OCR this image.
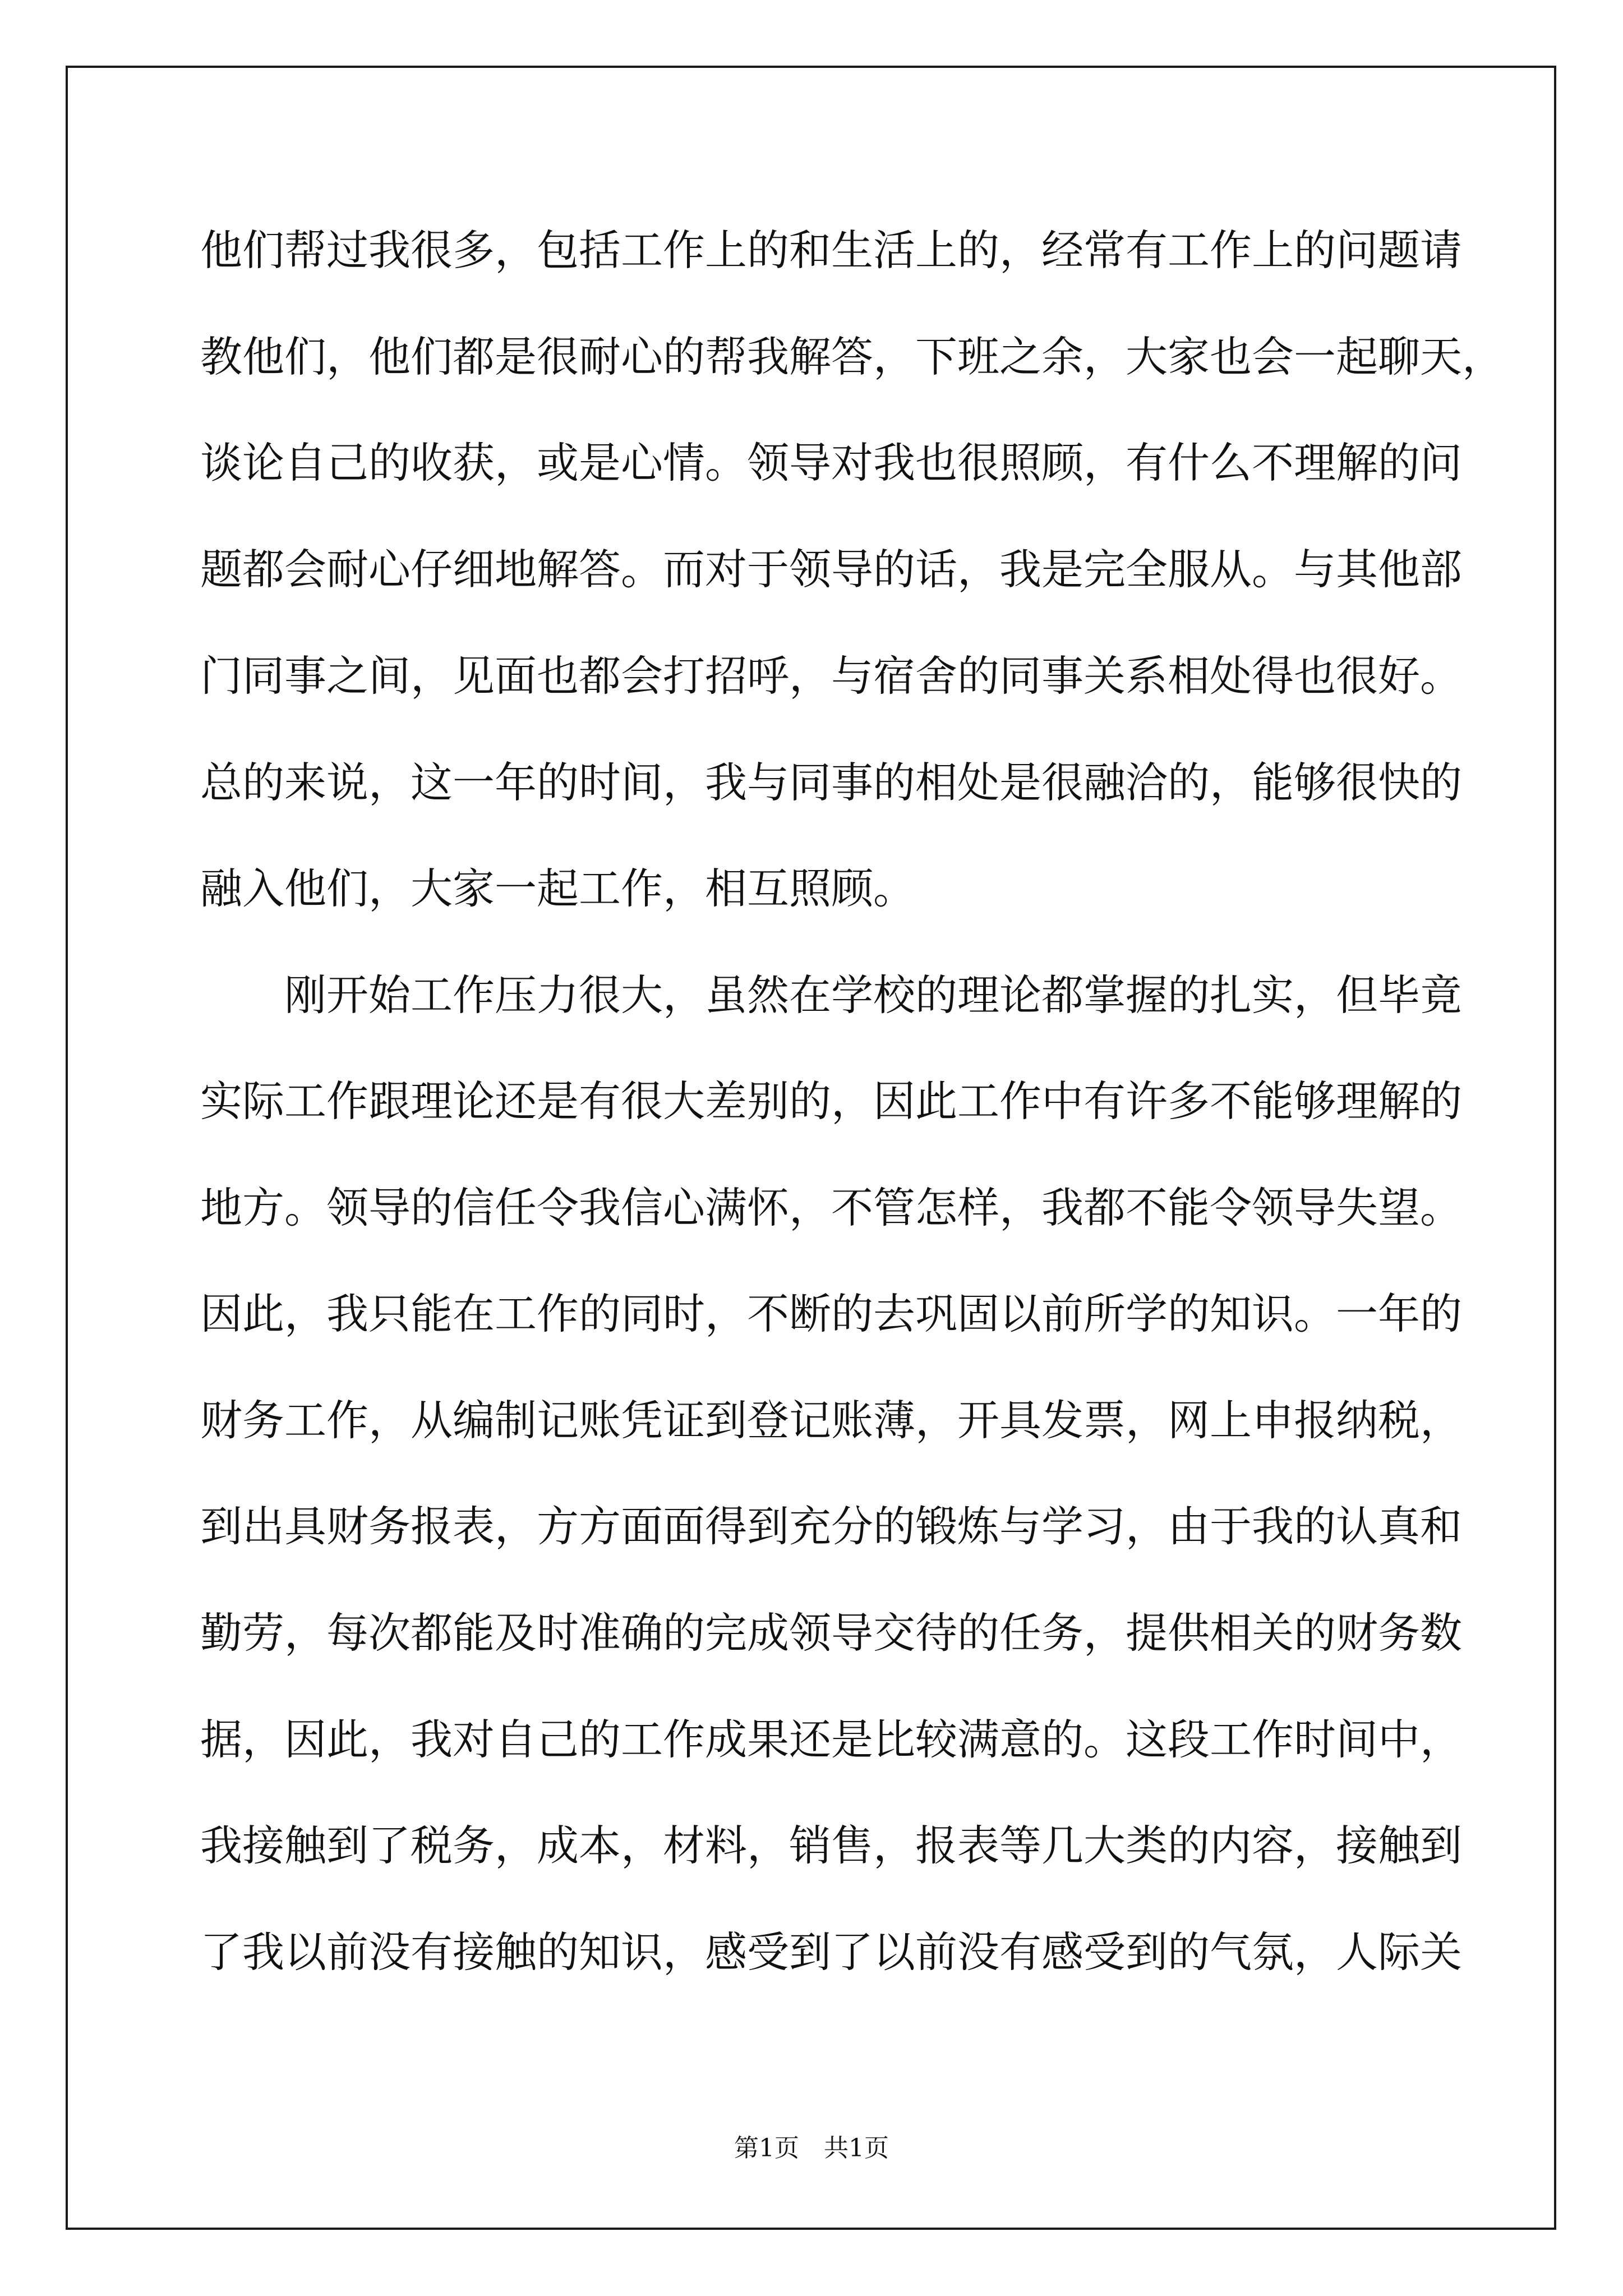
他们帮过我很多，包括工作上的和生活上的，经常有工作上的问题请

教他们，他们都是很耐心的帮我解答，下班之余，大家也会一起聊天，

谈论自己的收获，或是心情。领导对我也很照顾，有什么不理解的问

题都会耐心仔细地解答。而对于领导的话，我是完全服从。与其他部

门同事之间，见面也都会打招呼，与宿舍的同事关系相处得也很好。

总的来说，这一年的时间，我与同事的相处是很融洽的，能够很快的

融入他们，大家一起工作，相互照顾。

　　刚开始工作压力很大，虽然在学校的理论都掌握的扎实，但毕竟

实际工作跟理论还是有很大差别的，因此工作中有许多不能够理解的

地方。领导的信任令我信心满怀，不管怎样，我都不能令领导失望。

因此，我只能在工作的同时，不断的去巩固以前所学的知识。一年的

财务工作，从编制记账凭证到登记账薄，开具发票，网上申报纳税，

到出具财务报表，方方面面得到充分的锻炼与学习，由于我的认真和

勤劳，每次都能及时准确的完成领导交待的任务，提供相关的财务数

据，因此，我对自己的工作成果还是比较满意的。这段工作时间中，

我接触到了税务，成本，材料，销售，报表等几大类的内容，接触到

了我以前没有接触的知识，感受到了以前没有感受到的气氛，人际关

第1页　共1页
